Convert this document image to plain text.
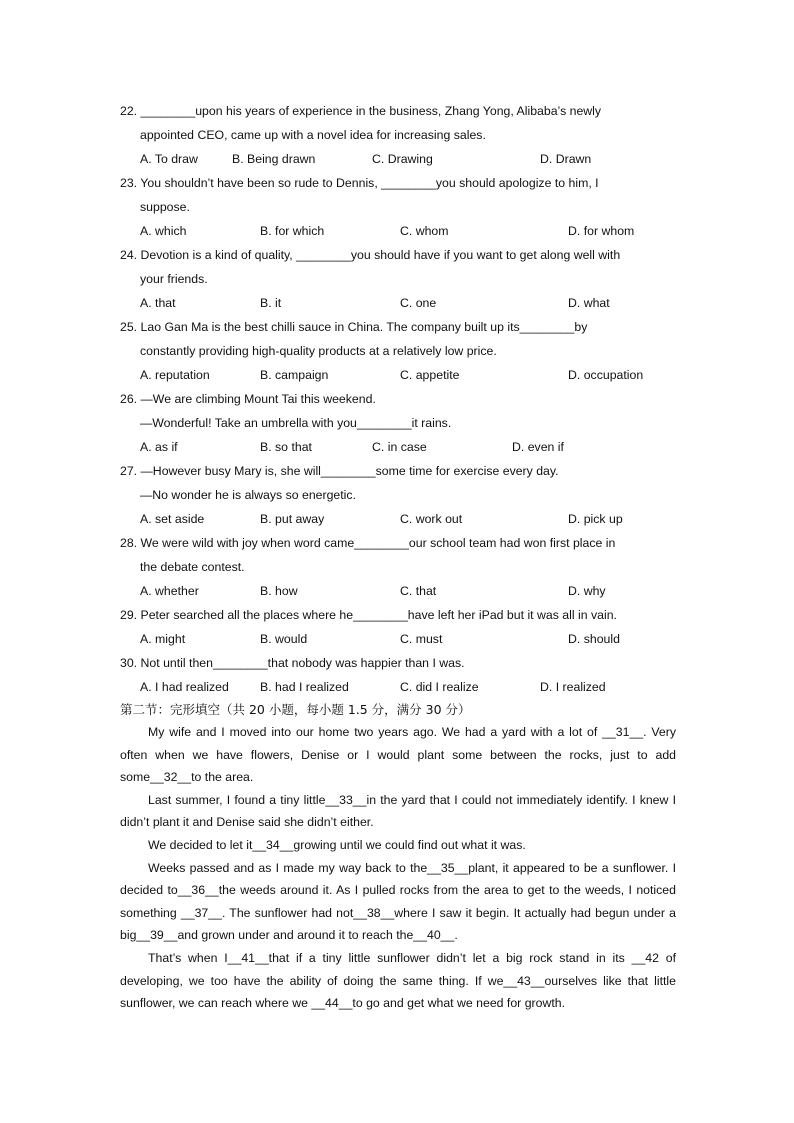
22. ________upon his years of experience in the business, Zhang Yong, Alibaba’s newly
appointed CEO, came up with a novel idea for increasing sales.
A. To draw	B. Being drawn	C. Drawing	D. Drawn
23. You shouldn’t have been so rude to Dennis, ________you should apologize to him, I
suppose.
A. which	B. for which	C. whom	D. for whom
24. Devotion is a kind of quality, ________you should have if you want to get along well with
your friends.
A. that	B. it	C. one	D. what
25. Lao Gan Ma is the best chilli sauce in China. The company built up its________by
constantly providing high-quality products at a relatively low price.
A. reputation	B. campaign	C. appetite	D. occupation
26. —We are climbing Mount Tai this weekend.
—Wonderful! Take an umbrella with you________it rains.
A. as if	B. so that	C. in case	D. even if
27. —However busy Mary is, she will________some time for exercise every day.
—No wonder he is always so energetic.
A. set aside	B. put away	C. work out	D. pick up
28. We were wild with joy when word came________our school team had won first place in
the debate contest.
A. whether	B. how	C. that	D. why
29. Peter searched all the places where he________have left her iPad but it was all in vain.
A. might	B. would	C. must	D. should
30. Not until then________that nobody was happier than I was.
A. I had realized	B. had I realized	C. did I realize	D. I realized
第二节：完形填空（共 20 小题，每小题 1.5 分，满分 30 分）

My wife and I moved into our home two years ago. We had a yard with a lot of __31__. Very often when we have flowers, Denise or I would plant some between the rocks, just to add some__32__to the area.

Last summer, I found a tiny little__33__in the yard that I could not immediately identify. I knew I didn’t plant it and Denise said she didn’t either.

We decided to let it__34__growing until we could find out what it was.

Weeks passed and as I made my way back to the__35__plant, it appeared to be a sunflower. I decided to__36__the weeds around it. As I pulled rocks from the area to get to the weeds, I noticed something __37__. The sunflower had not__38__where I saw it begin. It actually had begun under a big__39__and grown under and around it to reach the__40__.

That’s when I__41__that if a tiny little sunflower didn’t let a big rock stand in its __42 of developing, we too have the ability of doing the same thing. If we__43__ourselves like that little sunflower, we can reach where we __44__to go and get what we need for growth.
